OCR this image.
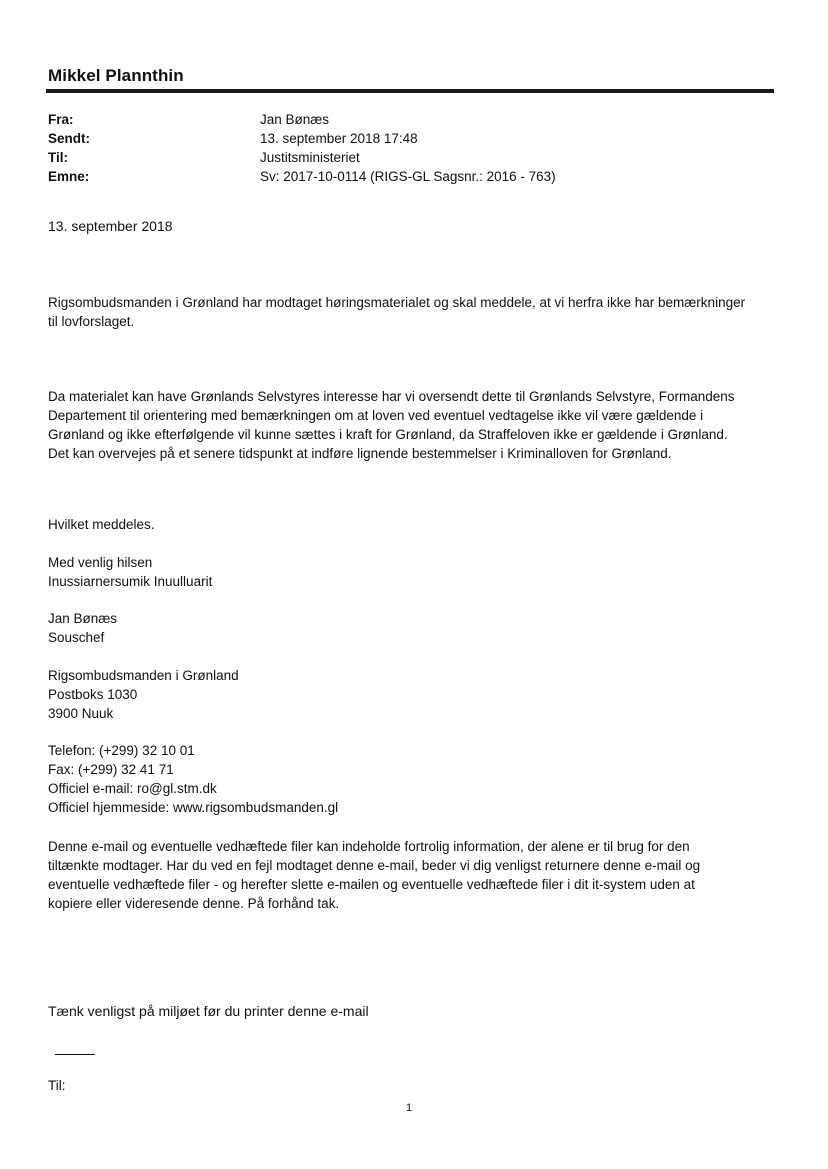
Mikkel Plannthin
Fra:	Jan Bønæs
Sendt:	13. september 2018 17:48
Til:	Justitsministeriet
Emne:	Sv: 2017-10-0114 (RIGS-GL Sagsnr.: 2016 - 763)
13. september 2018
Rigsombudsmanden i Grønland har modtaget høringsmaterialet og skal meddele, at vi herfra ikke har bemærkninger
til lovforslaget.
Da materialet kan have Grønlands Selvstyres interesse har vi oversendt dette til Grønlands Selvstyre, Formandens
Departement til orientering med bemærkningen om at loven ved eventuel vedtagelse ikke vil være gældende i
Grønland og ikke efterfølgende vil kunne sættes i kraft for Grønland, da Straffeloven ikke er gældende i Grønland.
Det kan overvejes på et senere tidspunkt at indføre lignende bestemmelser i Kriminalloven for Grønland.
Hvilket meddeles.
Med venlig hilsen
Inussiarnersumik Inuulluarit
Jan Bønæs
Souschef
Rigsombudsmanden i Grønland
Postboks 1030
3900 Nuuk
Telefon: (+299) 32 10 01
Fax: (+299) 32 41 71
Officiel e-mail: ro@gl.stm.dk
Officiel hjemmeside: www.rigsombudsmanden.gl
Denne e-mail og eventuelle vedhæftede filer kan indeholde fortrolig information, der alene er til brug for den
tiltænkte modtager. Har du ved en fejl modtaget denne e-mail, beder vi dig venligst returnere denne e-mail og
eventuelle vedhæftede filer - og herefter slette e-mailen og eventuelle vedhæftede filer i dit it-system uden at
kopiere eller videresende denne. På forhånd tak.
Tænk venligst på miljøet før du printer denne e-mail
Til:
1
